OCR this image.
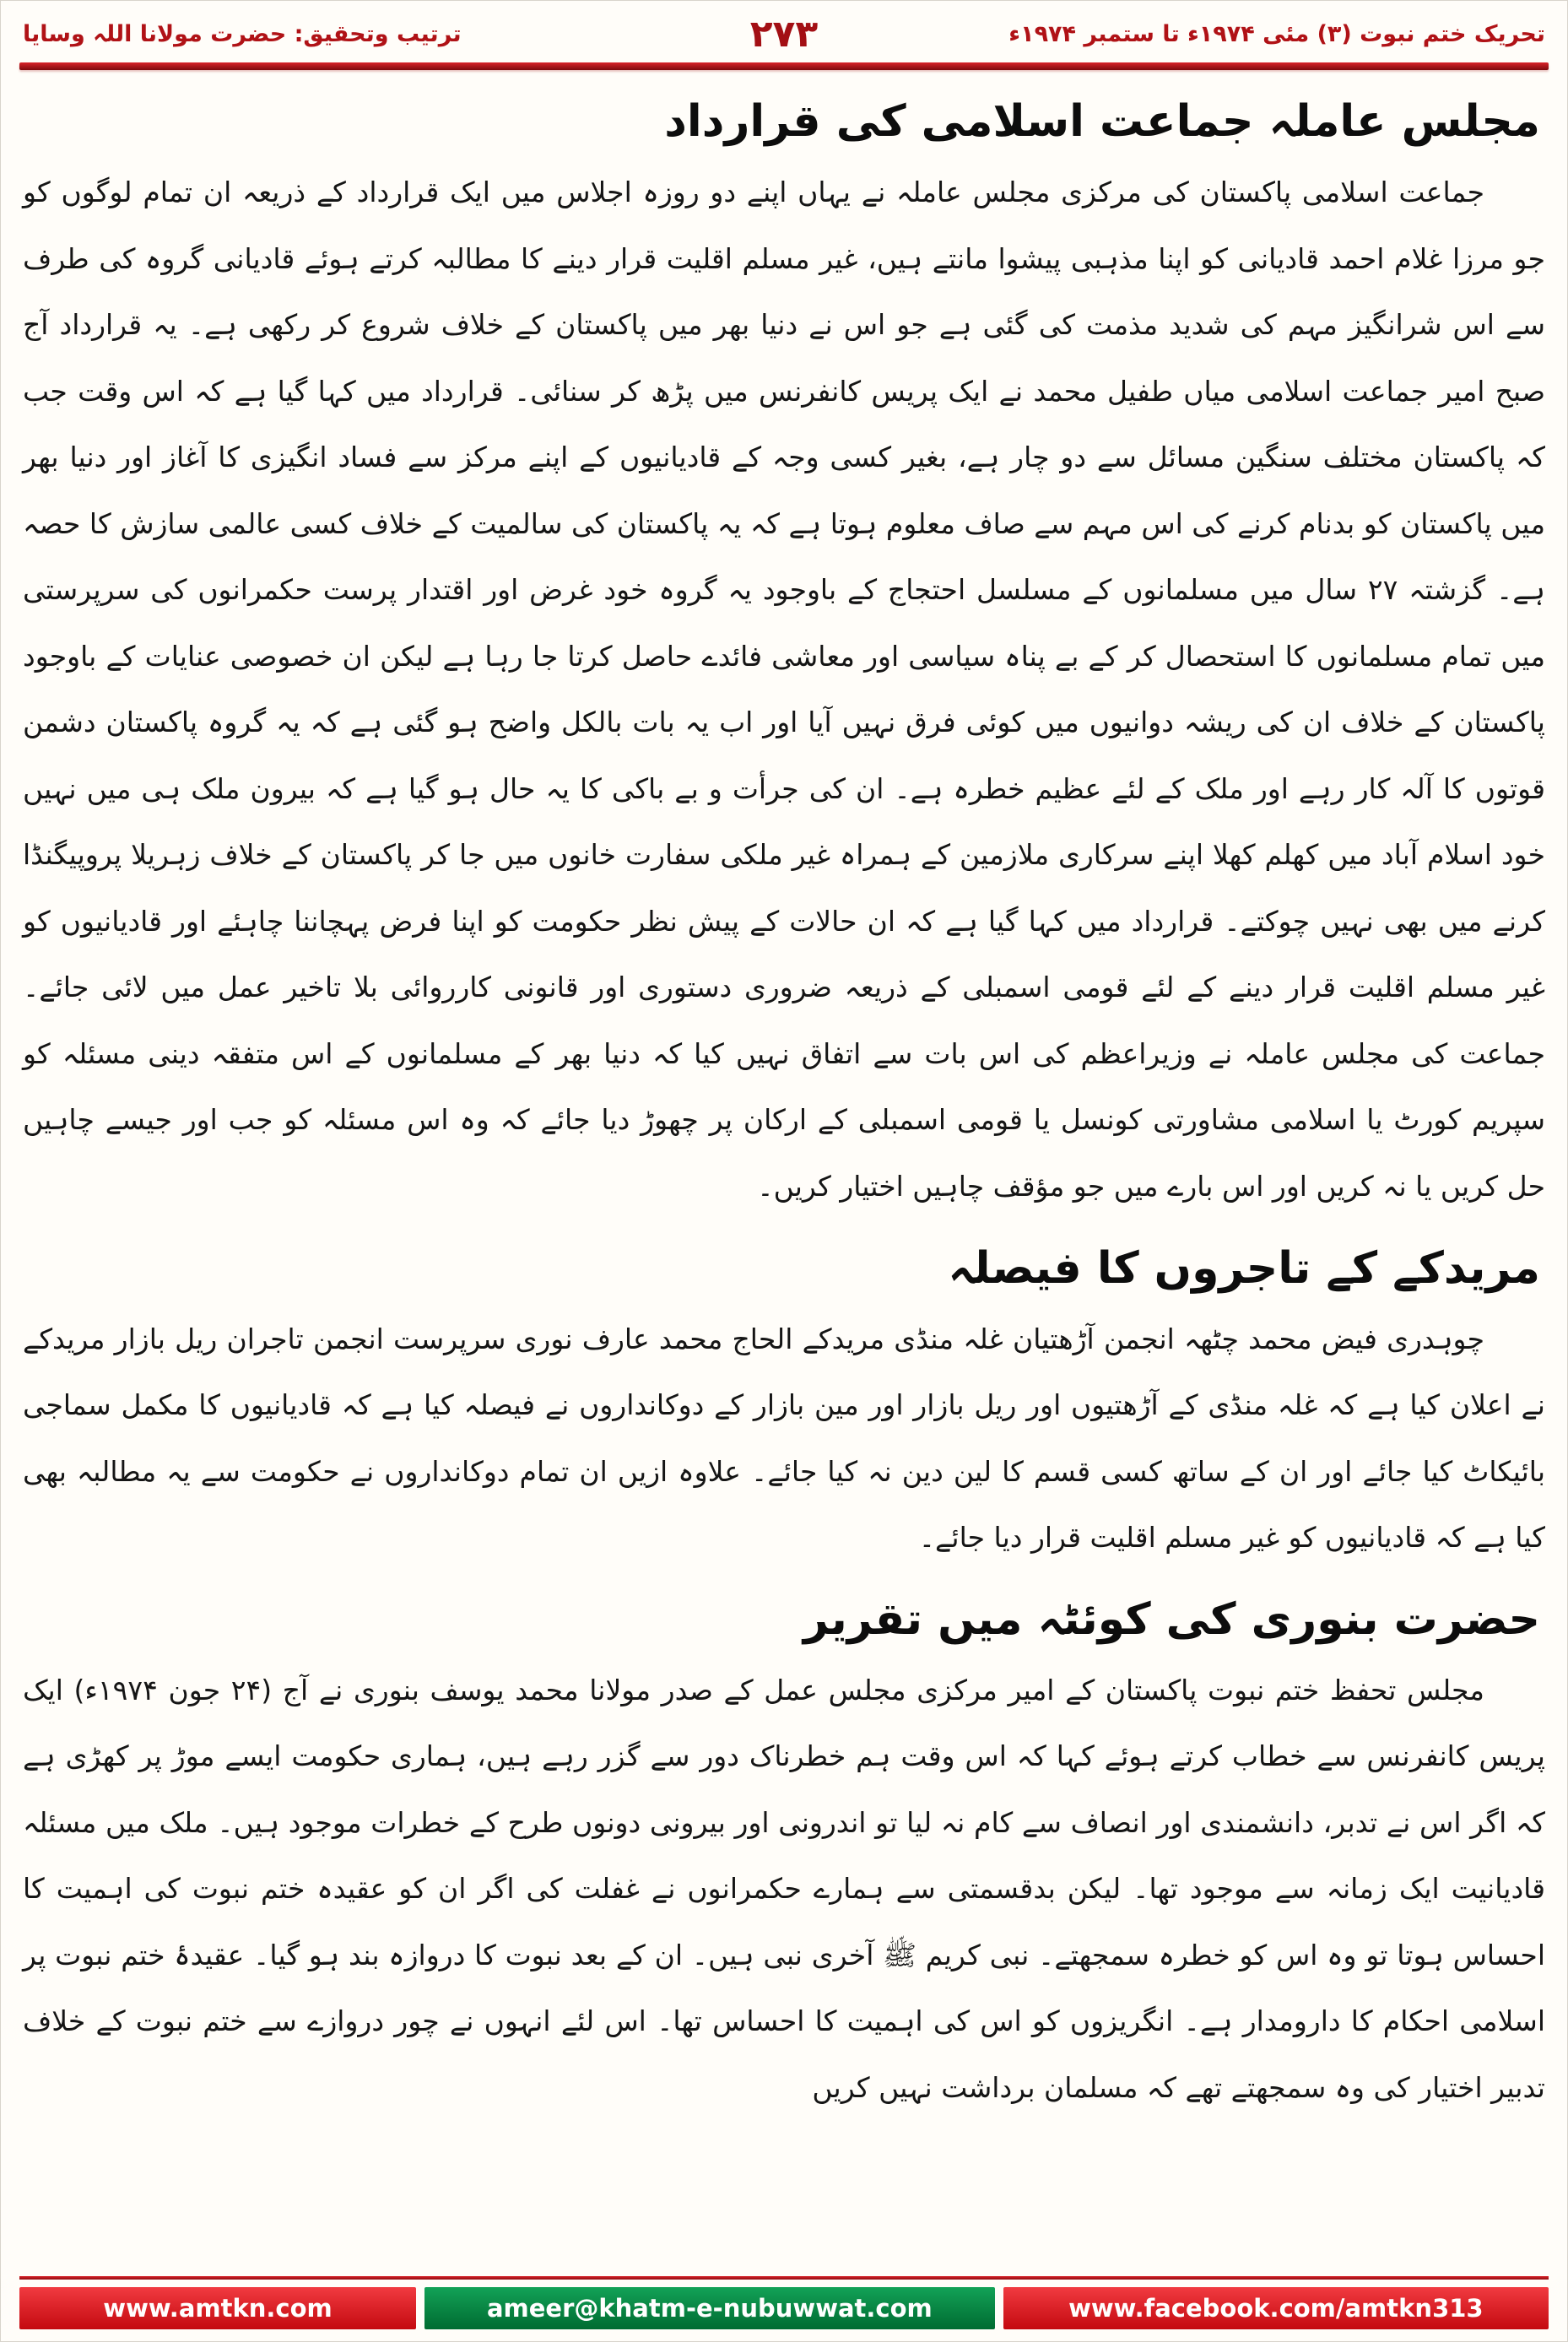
تحریک ختم نبوت (۳) مئی ۱۹۷۴ء تا ستمبر ۱۹۷۴ء
۲۷۳
ترتیب وتحقیق: حضرت مولانا اللہ وسایا
مجلس عاملہ جماعت اسلامی کی قرارداد

جماعت اسلامی پاکستان کی مرکزی مجلس عاملہ نے یہاں اپنے دو روزہ اجلاس میں ایک قرارداد کے ذریعہ ان تمام لوگوں کو جو مرزا غلام احمد قادیانی کو اپنا مذہبی پیشوا مانتے ہیں، غیر مسلم اقلیت قرار دینے کا مطالبہ کرتے ہوئے قادیانی گروہ کی طرف سے اس شرانگیز مہم کی شدید مذمت کی گئی ہے جو اس نے دنیا بھر میں پاکستان کے خلاف شروع کر رکھی ہے۔ یہ قرارداد آج صبح امیر جماعت اسلامی میاں طفیل محمد نے ایک پریس کانفرنس میں پڑھ کر سنائی۔ قرارداد میں کہا گیا ہے کہ اس وقت جب کہ پاکستان مختلف سنگین مسائل سے دو چار ہے، بغیر کسی وجہ کے قادیانیوں کے اپنے مرکز سے فساد انگیزی کا آغاز اور دنیا بھر میں پاکستان کو بدنام کرنے کی اس مہم سے صاف معلوم ہوتا ہے کہ یہ پاکستان کی سالمیت کے خلاف کسی عالمی سازش کا حصہ ہے۔ گزشتہ ۲۷ سال میں مسلمانوں کے مسلسل احتجاج کے باوجود یہ گروہ خود غرض اور اقتدار پرست حکمرانوں کی سرپرستی میں تمام مسلمانوں کا استحصال کر کے بے پناہ سیاسی اور معاشی فائدے حاصل کرتا جا رہا ہے لیکن ان خصوصی عنایات کے باوجود پاکستان کے خلاف ان کی ریشہ دوانیوں میں کوئی فرق نہیں آیا اور اب یہ بات بالکل واضح ہو گئی ہے کہ یہ گروہ پاکستان دشمن قوتوں کا آلہ کار رہے اور ملک کے لئے عظیم خطرہ ہے۔ ان کی جرأت و بے باکی کا یہ حال ہو گیا ہے کہ بیرون ملک ہی میں نہیں خود اسلام آباد میں کھلم کھلا اپنے سرکاری ملازمین کے ہمراہ غیر ملکی سفارت خانوں میں جا کر پاکستان کے خلاف زہریلا پروپیگنڈا کرنے میں بھی نہیں چوکتے۔ قرارداد میں کہا گیا ہے کہ ان حالات کے پیش نظر حکومت کو اپنا فرض پہچاننا چاہئے اور قادیانیوں کو غیر مسلم اقلیت قرار دینے کے لئے قومی اسمبلی کے ذریعہ ضروری دستوری اور قانونی کارروائی بلا تاخیر عمل میں لائی جائے۔ جماعت کی مجلس عاملہ نے وزیراعظم کی اس بات سے اتفاق نہیں کیا کہ دنیا بھر کے مسلمانوں کے اس متفقہ دینی مسئلہ کو سپریم کورٹ یا اسلامی مشاورتی کونسل یا قومی اسمبلی کے ارکان پر چھوڑ دیا جائے کہ وہ اس مسئلہ کو جب اور جیسے چاہیں حل کریں یا نہ کریں اور اس بارے میں جو مؤقف چاہیں اختیار کریں۔

مریدکے کے تاجروں کا فیصلہ

چوہدری فیض محمد چٹھہ انجمن آڑھتیان غلہ منڈی مریدکے الحاج محمد عارف نوری سرپرست انجمن تاجران ریل بازار مریدکے نے اعلان کیا ہے کہ غلہ منڈی کے آڑھتیوں اور ریل بازار اور مین بازار کے دوکانداروں نے فیصلہ کیا ہے کہ قادیانیوں کا مکمل سماجی بائیکاٹ کیا جائے اور ان کے ساتھ کسی قسم کا لین دین نہ کیا جائے۔ علاوہ ازیں ان تمام دوکانداروں نے حکومت سے یہ مطالبہ بھی کیا ہے کہ قادیانیوں کو غیر مسلم اقلیت قرار دیا جائے۔

حضرت بنوری کی کوئٹہ میں تقریر

مجلس تحفظ ختم نبوت پاکستان کے امیر مرکزی مجلس عمل کے صدر مولانا محمد یوسف بنوری نے آج (۲۴ جون ۱۹۷۴ء) ایک پریس کانفرنس سے خطاب کرتے ہوئے کہا کہ اس وقت ہم خطرناک دور سے گزر رہے ہیں، ہماری حکومت ایسے موڑ پر کھڑی ہے کہ اگر اس نے تدبر، دانشمندی اور انصاف سے کام نہ لیا تو اندرونی اور بیرونی دونوں طرح کے خطرات موجود ہیں۔ ملک میں مسئلہ قادیانیت ایک زمانہ سے موجود تھا۔ لیکن بدقسمتی سے ہمارے حکمرانوں نے غفلت کی اگر ان کو عقیدہ ختم نبوت کی اہمیت کا احساس ہوتا تو وہ اس کو خطرہ سمجھتے۔ نبی کریم ﷺ آخری نبی ہیں۔ ان کے بعد نبوت کا دروازہ بند ہو گیا۔ عقیدۂ ختم نبوت پر اسلامی احکام کا دارومدار ہے۔ انگریزوں کو اس کی اہمیت کا احساس تھا۔ اس لئے انہوں نے چور دروازے سے ختم نبوت کے خلاف تدبیر اختیار کی وہ سمجھتے تھے کہ مسلمان برداشت نہیں کریں

www.amtkn.com	ameer@khatm-e-nubuwwat.com	www.facebook.com/amtkn313
